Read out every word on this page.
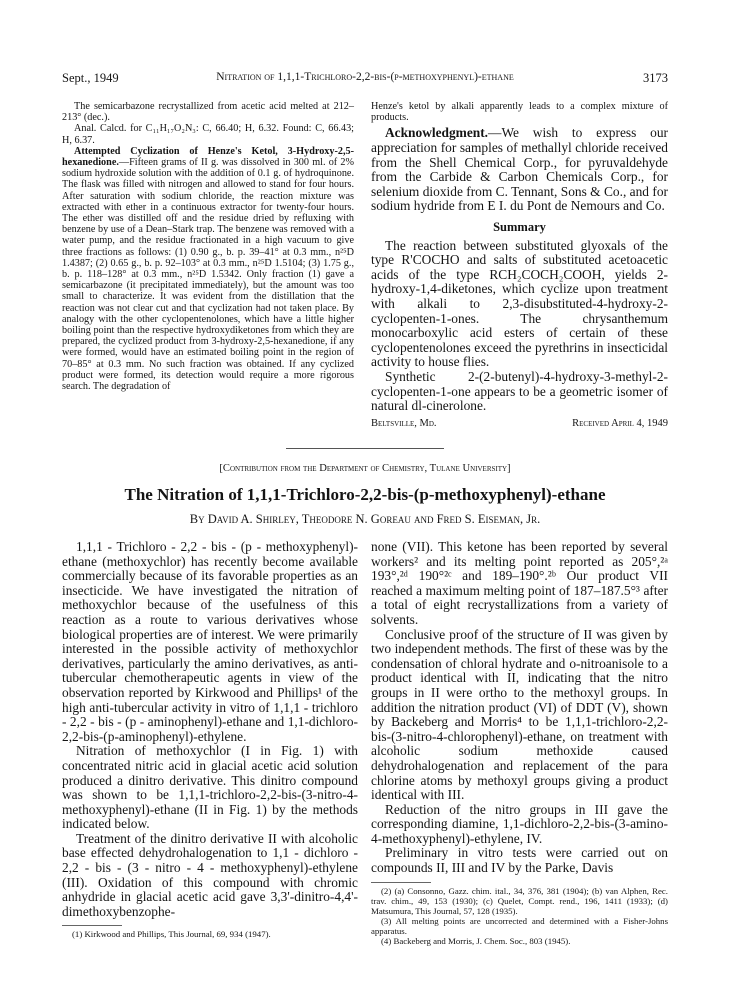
Sept., 1949	Nitration of 1,1,1-Trichloro-2,2-bis-(p-methoxyphenyl)-ethane	3173

The semicarbazone recrystallized from acetic acid melted at 212–213° (dec.).

Anal. Calcd. for C₁₁H₁₇O₂N₃: C, 66.40; H, 6.32. Found: C, 66.43; H, 6.37.

Attempted Cyclization of Henze's Ketol, 3-Hydroxy-2,5-hexanedione.—Fifteen grams of II g. was dissolved in 300 ml. of 2% sodium hydroxide solution with the addition of 0.1 g. of hydroquinone. The flask was filled with nitrogen and allowed to stand for four hours. After saturation with sodium chloride, the reaction mixture was extracted with ether in a continuous extractor for twenty-four hours. The ether was distilled off and the residue dried by refluxing with benzene by use of a Dean–Stark trap. The benzene was removed with a water pump, and the residue fractionated in a high vacuum to give three fractions as follows: (1) 0.90 g., b. p. 39–41° at 0.3 mm., n²⁵D 1.4387; (2) 0.65 g., b. p. 92–103° at 0.3 mm., n²⁵D 1.5104; (3) 1.75 g., b. p. 118–128° at 0.3 mm., n²⁵D 1.5342. Only fraction (1) gave a semicarbazone (it precipitated immediately), but the amount was too small to characterize. It was evident from the distillation that the reaction was not clear cut and that cyclization had not taken place. By analogy with the other cyclopentenolones, which have a little higher boiling point than the respective hydroxydiketones from which they are prepared, the cyclized product from 3-hydroxy-2,5-hexanedione, if any were formed, would have an estimated boiling point in the region of 70–85° at 0.3 mm. No such fraction was obtained. If any cyclized product were formed, its detection would require a more rigorous search. The degradation of

Henze's ketol by alkali apparently leads to a complex mixture of products.

Acknowledgment.—We wish to express our appreciation for samples of methallyl chloride received from the Shell Chemical Corp., for pyruvaldehyde from the Carbide & Carbon Chemicals Corp., for selenium dioxide from C. Tennant, Sons & Co., and for sodium hydride from E I. du Pont de Nemours and Co.

Summary

The reaction between substituted glyoxals of the type R'COCHO and salts of substituted acetoacetic acids of the type RCH₂COCH₂COOH, yields 2-hydroxy-1,4-diketones, which cyclize upon treatment with alkali to 2,3-disubstituted-4-hydroxy-2-cyclopenten-1-ones. The chrysanthemum monocarboxylic acid esters of certain of these cyclopentenolones exceed the pyrethrins in insecticidal activity to house flies.

Synthetic 2-(2-butenyl)-4-hydroxy-3-methyl-2-cyclopenten-1-one appears to be a geometric isomer of natural dl-cinerolone.

Beltsville, Md.	Received April 4, 1949
[Contribution from the Department of Chemistry, Tulane University]
The Nitration of 1,1,1-Trichloro-2,2-bis-(p-methoxyphenyl)-ethane
By David A. Shirley, Theodore N. Goreau and Fred S. Eiseman, Jr.

1,1,1 - Trichloro - 2,2 - bis - (p - methoxyphenyl)-ethane (methoxychlor) has recently become available commercially because of its favorable properties as an insecticide. We have investigated the nitration of methoxychlor because of the usefulness of this reaction as a route to various derivatives whose biological properties are of interest. We were primarily interested in the possible activity of methoxychlor derivatives, particularly the amino derivatives, as anti-tubercular chemotherapeutic agents in view of the observation reported by Kirkwood and Phillips¹ of the high anti-tubercular activity in vitro of 1,1,1 - trichloro - 2,2 - bis - (p - aminophenyl)-ethane and 1,1-dichloro-2,2-bis-(p-aminophenyl)-ethylene.

Nitration of methoxychlor (I in Fig. 1) with concentrated nitric acid in glacial acetic acid solution produced a dinitro derivative. This dinitro compound was shown to be 1,1,1-trichloro-2,2-bis-(3-nitro-4-methoxyphenyl)-ethane (II in Fig. 1) by the methods indicated below.

Treatment of the dinitro derivative II with alcoholic base effected dehydrohalogenation to 1,1 - dichloro - 2,2 - bis - (3 - nitro - 4 - methoxyphenyl)-ethylene (III). Oxidation of this compound with chromic anhydride in glacial acetic acid gave 3,3'-dinitro-4,4'-dimethoxybenzophe-

(1) Kirkwood and Phillips, This Journal, 69, 934 (1947).

none (VII). This ketone has been reported by several workers² and its melting point reported as 205°,²ᵃ 193°,²ᵈ 190°²ᶜ and 189–190°.²ᵇ Our product VII reached a maximum melting point of 187–187.5°³ after a total of eight recrystallizations from a variety of solvents.

Conclusive proof of the structure of II was given by two independent methods. The first of these was by the condensation of chloral hydrate and o-nitroanisole to a product identical with II, indicating that the nitro groups in II were ortho to the methoxyl groups. In addition the nitration product (VI) of DDT (V), shown by Backeberg and Morris⁴ to be 1,1,1-trichloro-2,2-bis-(3-nitro-4-chlorophenyl)-ethane, on treatment with alcoholic sodium methoxide caused dehydrohalogenation and replacement of the para chlorine atoms by methoxyl groups giving a product identical with III.

Reduction of the nitro groups in III gave the corresponding diamine, 1,1-dichloro-2,2-bis-(3-amino-4-methoxyphenyl)-ethylene, IV.

Preliminary in vitro tests were carried out on compounds II, III and IV by the Parke, Davis

(2) (a) Consonno, Gazz. chim. ital., 34, 376, 381 (1904); (b) van Alphen, Rec. trav. chim., 49, 153 (1930); (c) Quelet, Compt. rend., 196, 1411 (1933); (d) Matsumura, This Journal, 57, 128 (1935).

(3) All melting points are uncorrected and determined with a Fisher-Johns apparatus.

(4) Backeberg and Morris, J. Chem. Soc., 803 (1945).
